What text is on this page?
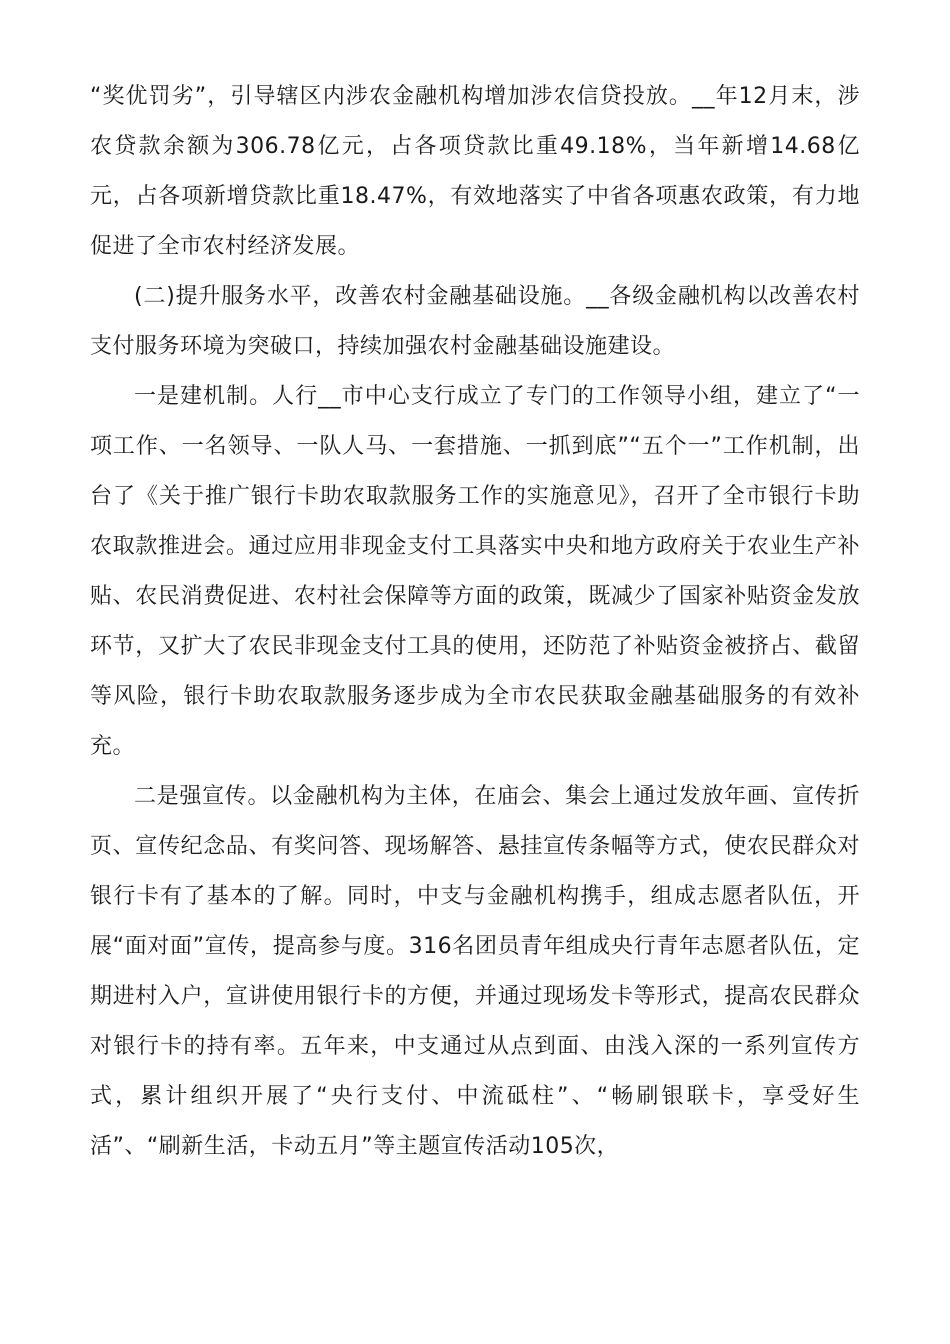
“奖优罚劣”，引导辖区内涉农金融机构增加涉农信贷投放。__年12月末，涉农贷款余额为306.78亿元，占各项贷款比重49.18%，当年新增14.68亿元，占各项新增贷款比重18.47%，有效地落实了中省各项惠农政策，有力地促进了全市农村经济发展。

(二)提升服务水平，改善农村金融基础设施。__各级金融机构以改善农村支付服务环境为突破口，持续加强农村金融基础设施建设。

一是建机制。人行__市中心支行成立了专门的工作领导小组，建立了“一项工作、一名领导、一队人马、一套措施、一抓到底”“五个一”工作机制，出台了《关于推广银行卡助农取款服务工作的实施意见》，召开了全市银行卡助农取款推进会。通过应用非现金支付工具落实中央和地方政府关于农业生产补贴、农民消费促进、农村社会保障等方面的政策，既减少了国家补贴资金发放环节，又扩大了农民非现金支付工具的使用，还防范了补贴资金被挤占、截留等风险，银行卡助农取款服务逐步成为全市农民获取金融基础服务的有效补充。

二是强宣传。以金融机构为主体，在庙会、集会上通过发放年画、宣传折页、宣传纪念品、有奖问答、现场解答、悬挂宣传条幅等方式，使农民群众对银行卡有了基本的了解。同时，中支与金融机构携手，组成志愿者队伍，开展“面对面”宣传，提高参与度。316名团员青年组成央行青年志愿者队伍，定期进村入户，宣讲使用银行卡的方便，并通过现场发卡等形式，提高农民群众对银行卡的持有率。五年来，中支通过从点到面、由浅入深的一系列宣传方式，累计组织开展了“央行支付、中流砥柱”、“畅刷银联卡，享受好生活”、“刷新生活，卡动五月”等主题宣传活动105次，
